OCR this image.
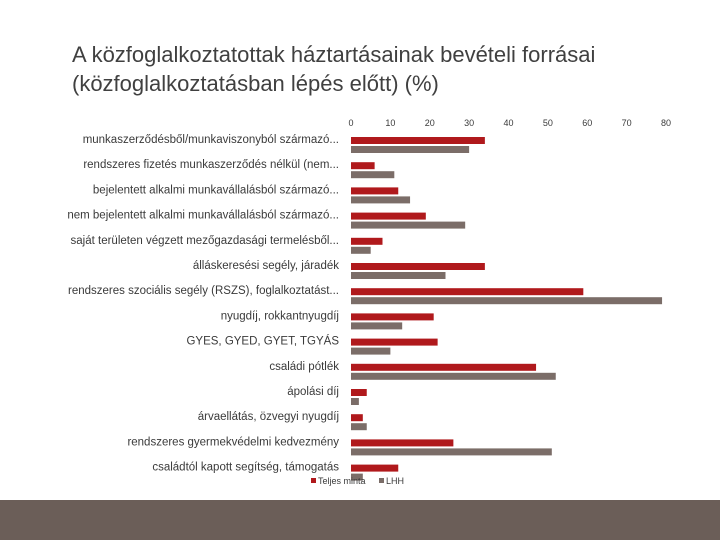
A közfoglalkoztatottak háztartásainak bevételi forrásai
(közfoglalkoztatásban lépés előtt) (%)
0	10	20	30	40	50	60	70	80
munkaszerződésből/munkaviszonyból származó...
rendszeres fizetés munkaszerződés nélkül (nem...
bejelentett alkalmi munkavállalásból származó...
nem bejelentett alkalmi munkavállalásból származó...
saját területen végzett mezőgazdasági termelésből...
álláskeresési segély, járadék
rendszeres szociális segély (RSZS), foglalkoztatást...
nyugdíj, rokkantnyugdíj
GYES, GYED, GYET, TGYÁS
családi pótlék
ápolási díj
árvaellátás, özvegyi nyugdíj
rendszeres gyermekvédelmi kedvezmény
családtól kapott segítség, támogatás
Teljes minta LHH
